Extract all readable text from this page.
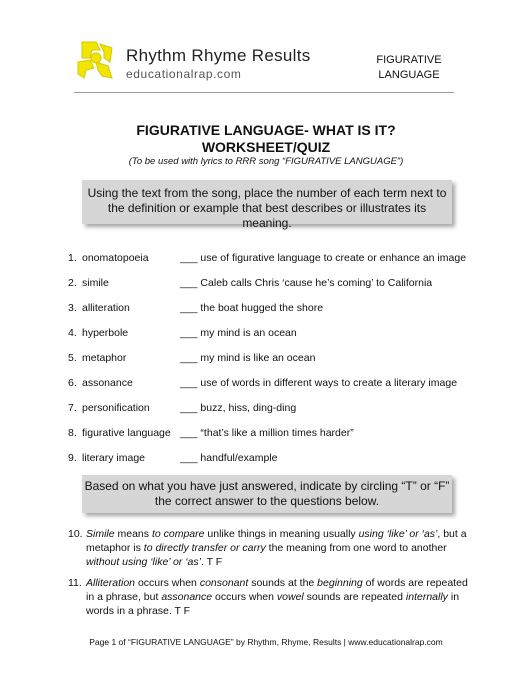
Rhythm Rhyme Results
educationalrap.com
FIGURATIVE
LANGUAGE
FIGURATIVE LANGUAGE- WHAT IS IT?
WORKSHEET/QUIZ
(To be used with lyrics to RRR song “FIGURATIVE LANGUAGE”)
Using the text from the song, place the number of each term next to
the definition or example that best describes or illustrates its meaning.
1. onomatopoeia	___ use of figurative language to create or enhance an image
2. simile	___ Caleb calls Chris ‘cause he’s coming’ to California
3. alliteration	___ the boat hugged the shore
4. hyperbole	___ my mind is an ocean
5. metaphor	___ my mind is like an ocean
6. assonance	___ use of words in different ways to create a literary image
7. personification	___ buzz, hiss, ding-ding
8. figurative language ___ “that’s like a million times harder”
9. literary image	___ handful/example
Based on what you have just answered, indicate by circling “T” or “F”
the correct answer to the questions below.
10. Simile means to compare unlike things in meaning usually using ‘like’ or ‘as’, but a metaphor is to directly transfer or carry the meaning from one word to another without using ‘like’ or ‘as’. T F
11. Alliteration occurs when consonant sounds at the beginning of words are repeated in a phrase, but assonance occurs when vowel sounds are repeated internally in words in a phrase. T F
Page 1 of “FIGURATIVE LANGUAGE” by Rhythm, Rhyme, Results | www.educationalrap.com
